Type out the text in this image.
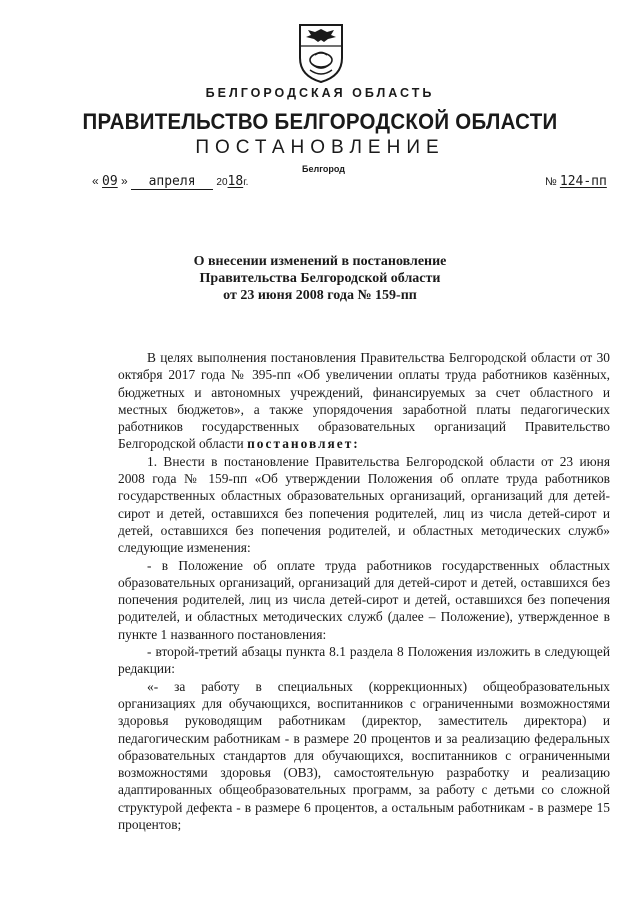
БЕЛГОРОДСКАЯ ОБЛАСТЬ
ПРАВИТЕЛЬСТВО БЕЛГОРОДСКОЙ ОБЛАСТИ
ПОСТАНОВЛЕНИЕ
Белгород
« 09 » апреля 2018г.	№ 124-пп
О внесении изменений в постановление
Правительства Белгородской области
от 23 июня 2008 года № 159-пп

В целях выполнения постановления Правительства Белгородской области от 30 октября 2017 года № 395-пп «Об увеличении оплаты труда работников казённых, бюджетных и автономных учреждений, финансируемых за счет областного и местных бюджетов», а также упорядочения заработной платы педагогических работников государственных образовательных организаций Правительство Белгородской области постановляет:

1. Внести в постановление Правительства Белгородской области от 23 июня 2008 года № 159-пп «Об утверждении Положения об оплате труда работников государственных областных образовательных организаций, организаций для детей-сирот и детей, оставшихся без попечения родителей, лиц из числа детей-сирот и детей, оставшихся без попечения родителей, и областных методических служб» следующие изменения:

- в Положение об оплате труда работников государственных областных образовательных организаций, организаций для детей-сирот и детей, оставшихся без попечения родителей, лиц из числа детей-сирот и детей, оставшихся без попечения родителей, и областных методических служб (далее – Положение), утвержденное в пункте 1 названного постановления:

- второй-третий абзацы пункта 8.1 раздела 8 Положения изложить в следующей редакции:

«- за работу в специальных (коррекционных) общеобразовательных организациях для обучающихся, воспитанников с ограниченными возможностями здоровья руководящим работникам (директор, заместитель директора) и педагогическим работникам - в размере 20 процентов и за реализацию федеральных образовательных стандартов для обучающихся, воспитанников с ограниченными возможностями здоровья (ОВЗ), самостоятельную разработку и реализацию адаптированных общеобразовательных программ, за работу с детьми со сложной структурой дефекта - в размере 6 процентов, а остальным работникам - в размере 15 процентов;
